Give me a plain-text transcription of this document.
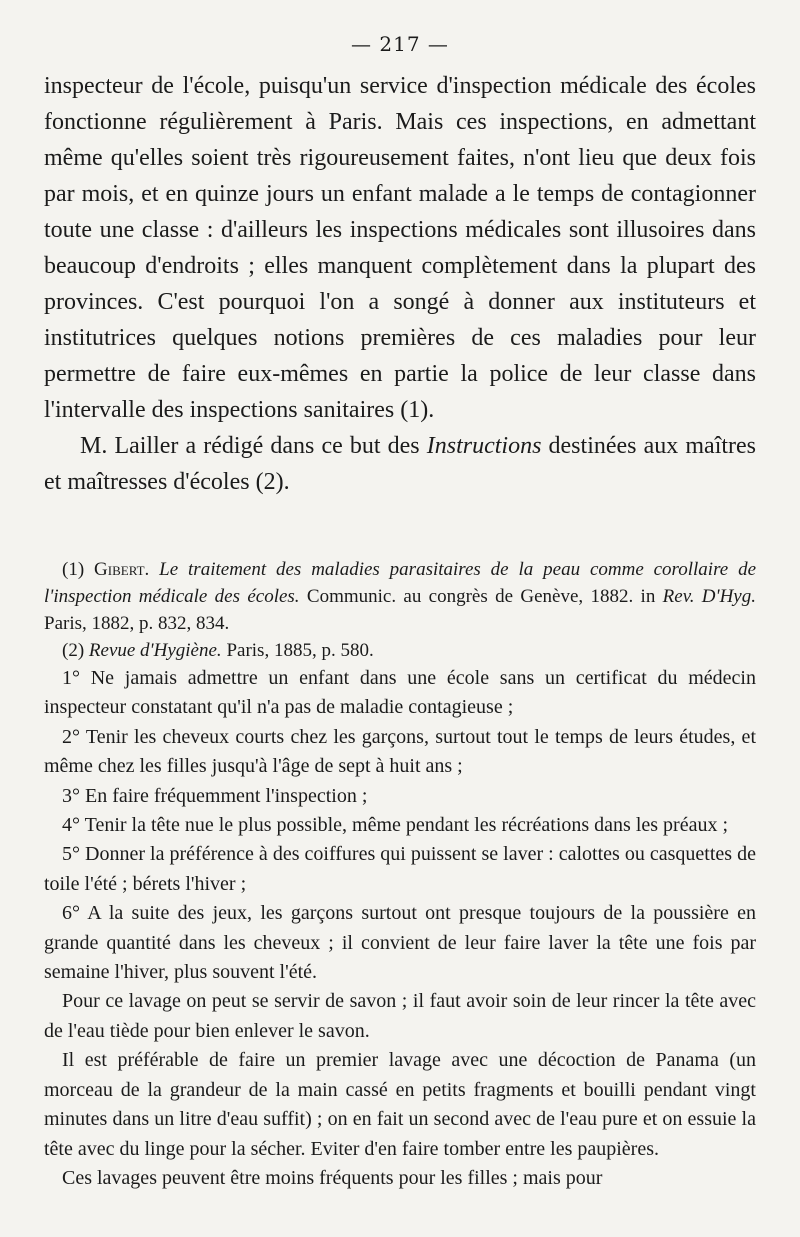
— 217 —

inspecteur de l'école, puisqu'un service d'inspection médicale des écoles fonctionne régulièrement à Paris. Mais ces inspections, en admettant même qu'elles soient très rigoureusement faites, n'ont lieu que deux fois par mois, et en quinze jours un enfant malade a le temps de contagionner toute une classe : d'ailleurs les inspections médicales sont illusoires dans beaucoup d'endroits ; elles manquent complètement dans la plupart des provinces. C'est pourquoi l'on a songé à donner aux instituteurs et institutrices quelques notions premières de ces maladies pour leur permettre de faire eux-mêmes en partie la police de leur classe dans l'intervalle des inspections sanitaires (1).

M. Lailler a rédigé dans ce but des Instructions destinées aux maîtres et maîtresses d'écoles (2).

(1) Gibert. Le traitement des maladies parasitaires de la peau comme corollaire de l'inspection médicale des écoles. Communic. au congrès de Genève, 1882. in Rev. D'Hyg. Paris, 1882, p. 832, 834.

(2) Revue d'Hygiène. Paris, 1885, p. 580.

1° Ne jamais admettre un enfant dans une école sans un certificat du médecin inspecteur constatant qu'il n'a pas de maladie contagieuse ;

2° Tenir les cheveux courts chez les garçons, surtout tout le temps de leurs études, et même chez les filles jusqu'à l'âge de sept à huit ans ;

3° En faire fréquemment l'inspection ;

4° Tenir la tête nue le plus possible, même pendant les récréations dans les préaux ;

5° Donner la préférence à des coiffures qui puissent se laver : calottes ou casquettes de toile l'été ; bérets l'hiver ;

6° A la suite des jeux, les garçons surtout ont presque toujours de la poussière en grande quantité dans les cheveux ; il convient de leur faire laver la tête une fois par semaine l'hiver, plus souvent l'été.

Pour ce lavage on peut se servir de savon ; il faut avoir soin de leur rincer la tête avec de l'eau tiède pour bien enlever le savon.

Il est préférable de faire un premier lavage avec une décoction de Panama (un morceau de la grandeur de la main cassé en petits fragments et bouilli pendant vingt minutes dans un litre d'eau suffit) ; on en fait un second avec de l'eau pure et on essuie la tête avec du linge pour la sécher. Eviter d'en faire tomber entre les paupières.

Ces lavages peuvent être moins fréquents pour les filles ; mais pour
